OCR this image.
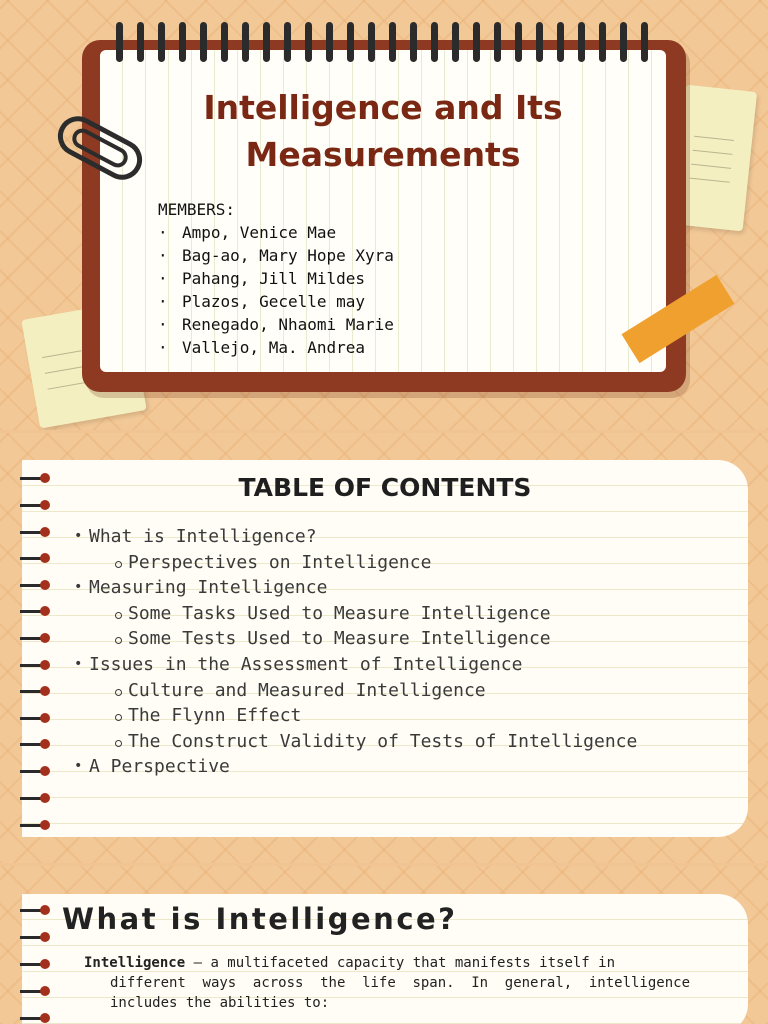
Intelligence and Its
Measurements
MEMBERS:
· Ampo, Venice Mae
· Bag-ao, Mary Hope Xyra
· Pahang, Jill Mildes
· Plazos, Gecelle may
· Renegado, Nhaomi Marie
· Vallejo, Ma. Andrea
TABLE OF CONTENTS
• What is Intelligence?
Perspectives on Intelligence
• Measuring Intelligence
Some Tasks Used to Measure Intelligence
Some Tests Used to Measure Intelligence
• Issues in the Assessment of Intelligence
Culture and Measured Intelligence
The Flynn Effect
The Construct Validity of Tests of Intelligence
• A Perspective
What is Intelligence?
Intelligence – a multifaceted capacity that manifests itself in
different ways across the life span. In general, intelligence includes the abilities to:
